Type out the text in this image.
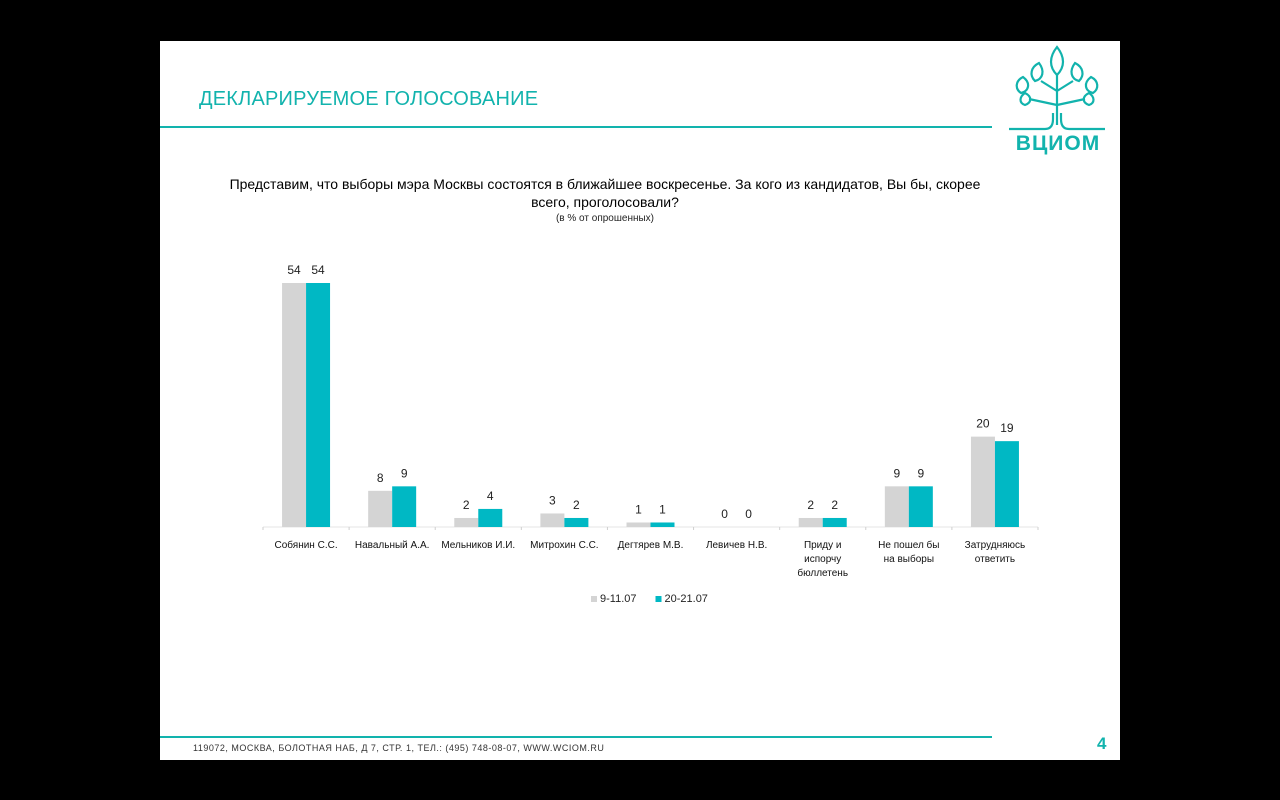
ДЕКЛАРИРУЕМОЕ ГОЛОСОВАНИЕ
ВЦИОМ
Представим, что выборы мэра Москвы состоятся в ближайшее воскресенье. За кого из кандидатов, Вы бы, скорее всего, проголосовали?
(в % от опрошенных)
54 54
Собянин С.С.
8 9
Навальный А.А.
2
4
Мельников И.И.
3 2
Митрохин С.С.
1 1
Дегтярев М.В.
0 0
Левичев Н.В.
2 2
Приду и испорчу бюллетень
9 9
Не пошел бы на выборы
20 19
Затрудняюсь ответить
9-11.07	20-21.07
119072, МОСКВА, БОЛОТНАЯ НАБ, Д 7, СТР. 1, ТЕЛ.: (495) 748-08-07, WWW.WCIOM.RU	4
